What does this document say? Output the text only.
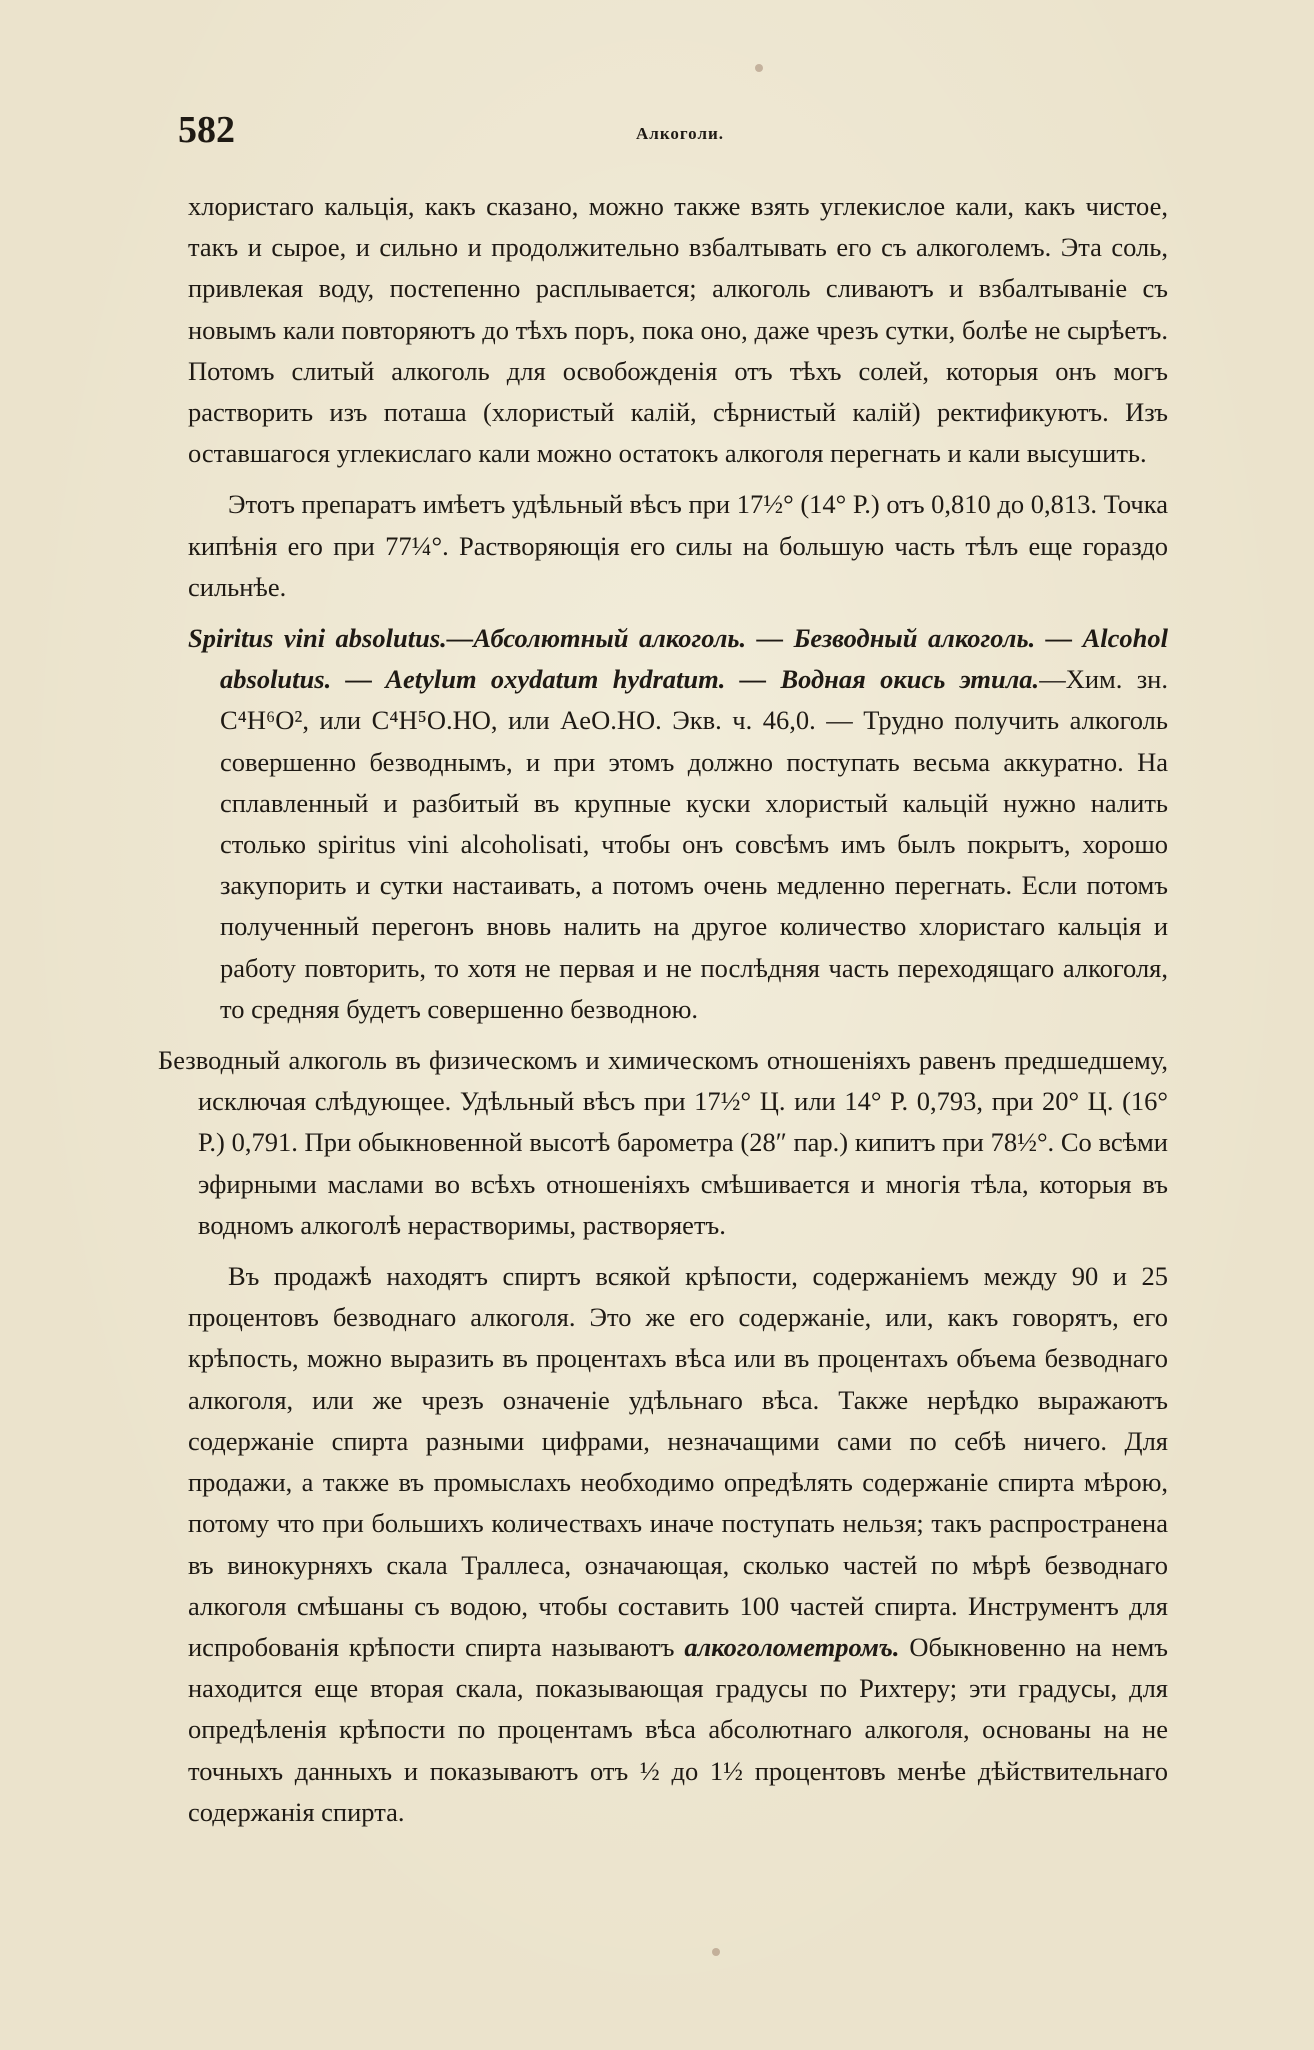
582	Алкоголи.

хлористаго кальція, какъ сказано, можно также взять углекислое кали, какъ чистое, такъ и сырое, и сильно и продолжительно взбалтывать его съ алкоголемъ. Эта соль, привлекая воду, постепенно расплывается; алкоголь сливаютъ и взбалтываніе съ новымъ кали повторяютъ до тѣхъ поръ, пока оно, даже чрезъ сутки, болѣе не сырѣетъ. Потомъ слитый алкоголь для освобожденія отъ тѣхъ солей, которыя онъ могъ растворить изъ поташа (хлористый калій, сѣрнистый калій) ректификуютъ. Изъ оставшагося углекислаго кали можно остатокъ алкоголя перегнать и кали высушить.

Этотъ препаратъ имѣетъ удѣльный вѣсъ при 17½° (14° Р.) отъ 0,810 до 0,813. Точка кипѣнія его при 77¼°. Растворяющія его силы на большую часть тѣлъ еще гораздо сильнѣе.

Spiritus vini absolutus.—Абсолютный алкоголь. — Безводный алкоголь. — Alcohol absolutus. — Aetylum oxydatum hydratum. — Водная окись этила.—Хим. зн. C⁴H⁶O², или C⁴H⁵O.HO, или AeO.HO. Экв. ч. 46,0. — Трудно получить алкоголь совершенно безводнымъ, и при этомъ должно поступать весьма аккуратно. На сплавленный и разбитый въ крупные куски хлористый кальцій нужно налить столько spiritus vini alcoholisati, чтобы онъ совсѣмъ имъ былъ покрытъ, хорошо закупорить и сутки настаивать, а потомъ очень медленно перегнать. Если потомъ полученный перегонъ вновь налить на другое количество хлористаго кальція и работу повторить, то хотя не первая и не послѣдняя часть переходящаго алкоголя, то средняя будетъ совершенно безводною.

Безводный алкоголь въ физическомъ и химическомъ отношеніяхъ равенъ предшедшему, исключая слѣдующее. Удѣльный вѣсъ при 17½° Ц. или 14° Р. 0,793, при 20° Ц. (16° Р.) 0,791. При обыкновенной высотѣ барометра (28″ пар.) кипитъ при 78½°. Со всѣми эфирными маслами во всѣхъ отношеніяхъ смѣшивается и многія тѣла, которыя въ водномъ алкоголѣ нерастворимы, растворяетъ.

Въ продажѣ находятъ спиртъ всякой крѣпости, содержаніемъ между 90 и 25 процентовъ безводнаго алкоголя. Это же его содержаніе, или, какъ говорятъ, его крѣпость, можно выразить въ процентахъ вѣса или въ процентахъ объема безводнаго алкоголя, или же чрезъ означеніе удѣльнаго вѣса. Также нерѣдко выражаютъ содержаніе спирта разными цифрами, незначащими сами по себѣ ничего. Для продажи, а также въ промыслахъ необходимо опредѣлять содержаніе спирта мѣрою, потому что при большихъ количествахъ иначе поступать нельзя; такъ распространена въ винокурняхъ скала Траллеса, означающая, сколько частей по мѣрѣ безводнаго алкоголя смѣшаны съ водою, чтобы составить 100 частей спирта. Инструментъ для испробованія крѣпости спирта называютъ алкоголометромъ. Обыкновенно на немъ находится еще вторая скала, показывающая градусы по Рихтеру; эти градусы, для опредѣленія крѣпости по процентамъ вѣса абсолютнаго алкоголя, основаны на не точныхъ данныхъ и показываютъ отъ ½ до 1½ процентовъ менѣе дѣйствительнаго содержанія спирта.
